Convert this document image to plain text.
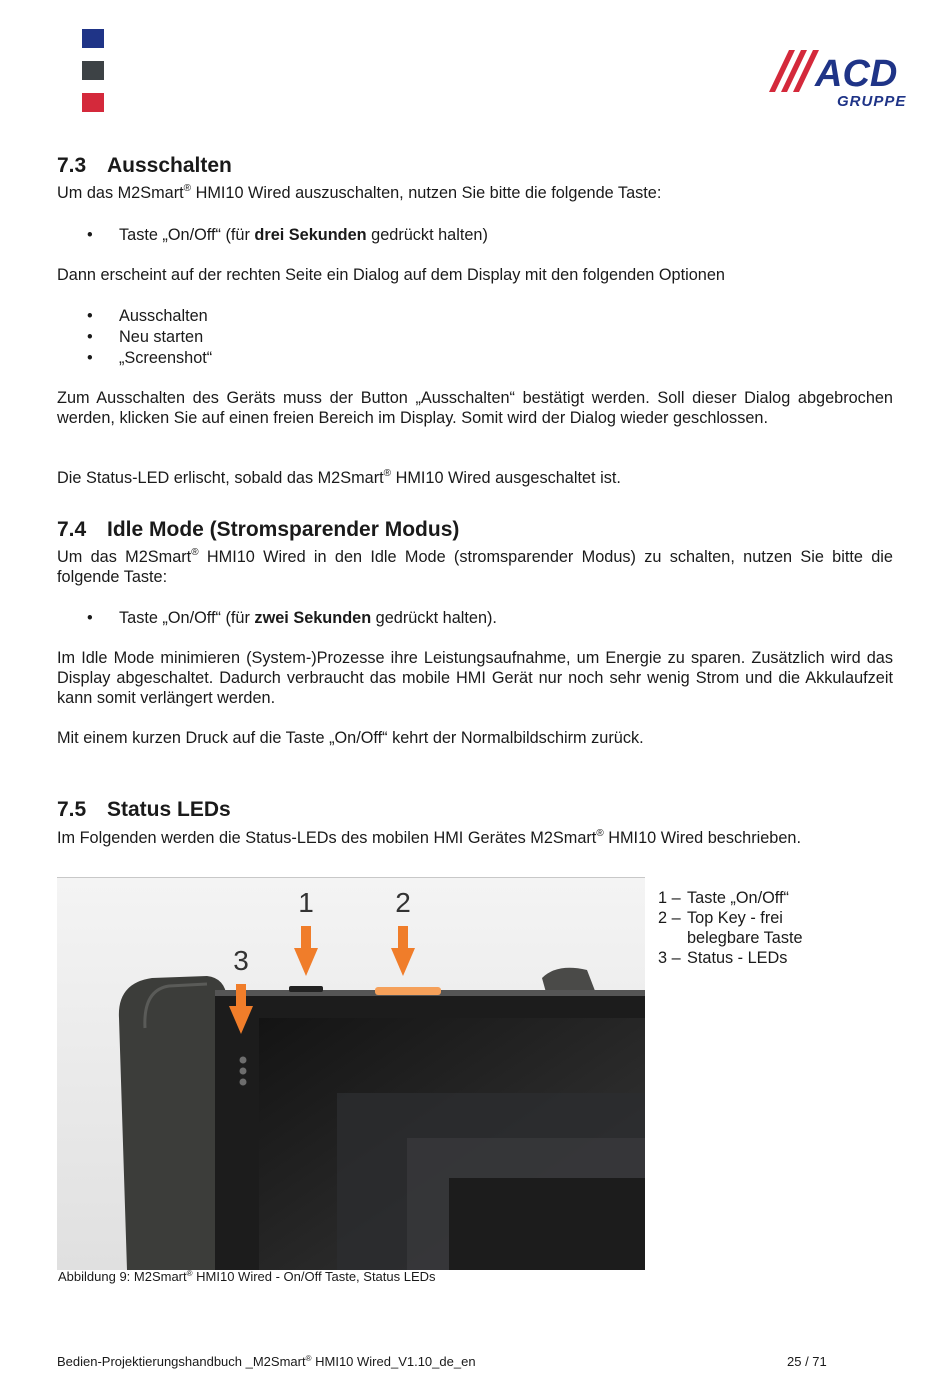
ACD
GRUPPE
7.3 Ausschalten

Um das M2Smart® HMI10 Wired auszuschalten, nutzen Sie bitte die folgende Taste:

• Taste „On/Off“ (für drei Sekunden gedrückt halten)

Dann erscheint auf der rechten Seite ein Dialog auf dem Display mit den folgenden Optionen

• Ausschalten
• Neu starten
• „Screenshot“

Zum Ausschalten des Geräts muss der Button „Ausschalten“ bestätigt werden. Soll dieser Dialog abgebrochen werden, klicken Sie auf einen freien Bereich im Display. Somit wird der Dialog wieder geschlossen.

Die Status-LED erlischt, sobald das M2Smart® HMI10 Wired ausgeschaltet ist.

7.4 Idle Mode (Stromsparender Modus)

Um das M2Smart® HMI10 Wired in den Idle Mode (stromsparender Modus) zu schalten, nutzen Sie bitte die folgende Taste:

• Taste „On/Off“ (für zwei Sekunden gedrückt halten).

Im Idle Mode minimieren (System-)Prozesse ihre Leistungsaufnahme, um Energie zu sparen. Zusätzlich wird das Display abgeschaltet. Dadurch verbraucht das mobile HMI Gerät nur noch sehr wenig Strom und die Akkulaufzeit kann somit verlängert werden.

Mit einem kurzen Druck auf die Taste „On/Off“ kehrt der Normalbildschirm zurück.

7.5 Status LEDs

Im Folgenden werden die Status-LEDs des mobilen HMI Gerätes M2Smart® HMI10 Wired beschrieben.

1	2
3
1 – Taste „On/Off“
2 – Top Key - frei belegbare Taste
3 – Status - LEDs

Abbildung 9: M2Smart® HMI10 Wired - On/Off Taste, Status LEDs

Bedien-Projektierungshandbuch _M2Smart® HMI10 Wired_V1.10_de_en	25 / 71
